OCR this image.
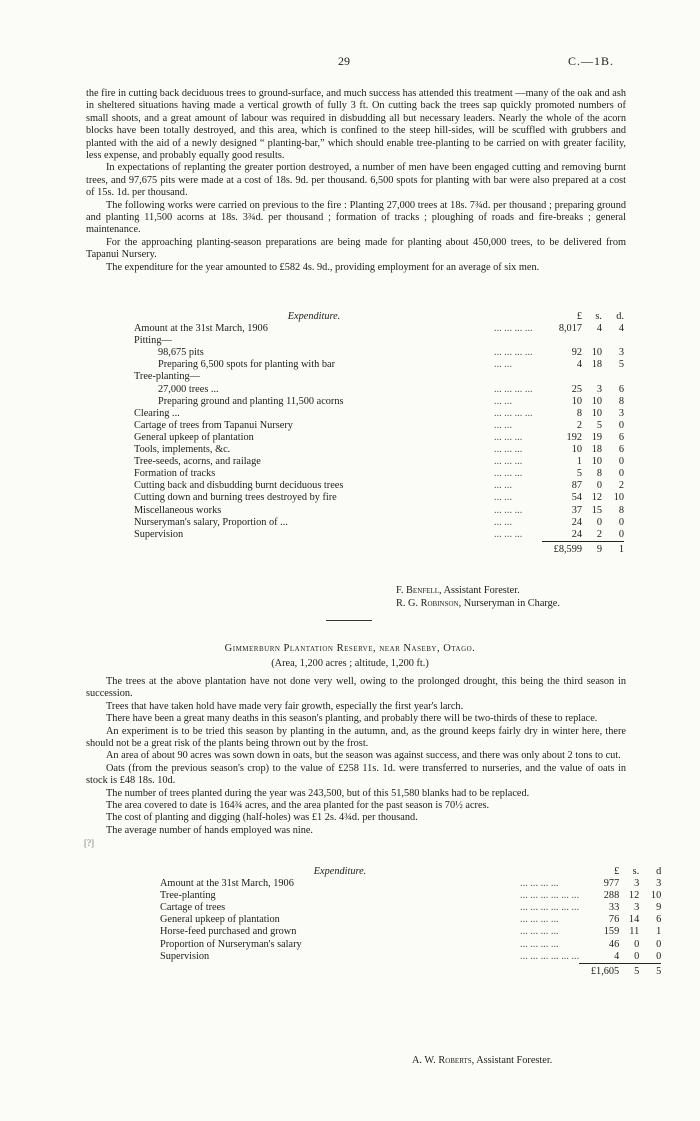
29	C.—1B.

the fire in cutting back deciduous trees to ground-surface, and much success has attended this treatment —many of the oak and ash in sheltered situations having made a vertical growth of fully 3 ft. On cutting back the trees sap quickly promoted numbers of small shoots, and a great amount of labour was required in disbudding all but necessary leaders. Nearly the whole of the acorn blocks have been totally destroyed, and this area, which is confined to the steep hill-sides, will be scuffled with grubbers and planted with the aid of a newly designed “ planting-bar,” which should enable tree-planting to be carried on with greater facility, less expense, and probably equally good results.

In expectations of replanting the greater portion destroyed, a number of men have been engaged cutting and removing burnt trees, and 97,675 pits were made at a cost of 18s. 9d. per thousand. 6,500 spots for planting with bar were also prepared at a cost of 15s. 1d. per thousand.

The following works were carried on previous to the fire : Planting 27,000 trees at 18s. 7¾d. per thousand ; preparing ground and planting 11,500 acorns at 18s. 3¾d. per thousand ; formation of tracks ; ploughing of roads and fire-breaks ; general maintenance.

For the approaching planting-season preparations are being made for planting about 450,000 trees, to be delivered from Tapanui Nursery.

The expenditure for the year amounted to £582 4s. 9d., providing employment for an average of six men.

Expenditure.		£	s.	d.
Amount at the 31st March, 1906	... ... ... ...	8,017	4	4
Pitting—				
98,675 pits	... ... ... ...	92	10	3
Preparing 6,500 spots for planting with bar	... ...	4	18	5
Tree-planting—				
27,000 trees ...	... ... ... ...	25	3	6
Preparing ground and planting 11,500 acorns	... ...	10	10	8
Clearing ...	... ... ... ...	8	10	3
Cartage of trees from Tapanui Nursery	... ...	2	5	0
General upkeep of plantation	... ... ...	192	19	6
Tools, implements, &c.	... ... ...	10	18	6
Tree-seeds, acorns, and railage	... ... ...	1	10	0
Formation of tracks	... ... ...	5	8	0
Cutting back and disbudding burnt deciduous trees	... ...	87	0	2
Cutting down and burning trees destroyed by fire	... ...	54	12	10
Miscellaneous works	... ... ...	37	15	8
Nurseryman's salary, Proportion of ...	... ...	24	0	0
Supervision	... ... ...	24	2	0
		£8,599	9	1
F. Benfell, Assistant Forester.
R. G. Robinson, Nurseryman in Charge.
Gimmerburn Plantation Reserve, near Naseby, Otago.
(Area, 1,200 acres ; altitude, 1,200 ft.)

The trees at the above plantation have not done very well, owing to the prolonged drought, this being the third season in succession.

Trees that have taken hold have made very fair growth, especially the first year's larch.

There have been a great many deaths in this season's planting, and probably there will be two-thirds of these to replace.

An experiment is to be tried this season by planting in the autumn, and, as the ground keeps fairly dry in winter here, there should not be a great risk of the plants being thrown out by the frost.

An area of about 90 acres was sown down in oats, but the season was against success, and there was only about 2 tons to cut.

Oats (from the previous season's crop) to the value of £258 11s. 1d. were transferred to nurseries, and the value of oats in stock is £48 18s. 10d.

The number of trees planted during the year was 243,500, but of this 51,580 blanks had to be replaced.

The area covered to date is 164¾ acres, and the area planted for the past season is 70½ acres.

The cost of planting and digging (half-holes) was £1 2s. 4¾d. per thousand.

The average number of hands employed was nine.

[?]
Expenditure.		£	s.	d
Amount at the 31st March, 1906	... ... ... ...	977	3	3
Tree-planting	... ... ... ... ... ...	288	12	10
Cartage of trees	... ... ... ... ... ...	33	3	9
General upkeep of plantation	... ... ... ...	76	14	6
Horse-feed purchased and grown	... ... ... ...	159	11	1
Proportion of Nurseryman's salary	... ... ... ...	46	0	0
Supervision	... ... ... ... ... ...	4	0	0
		£1,605	5	5
A. W. Roberts, Assistant Forester.
